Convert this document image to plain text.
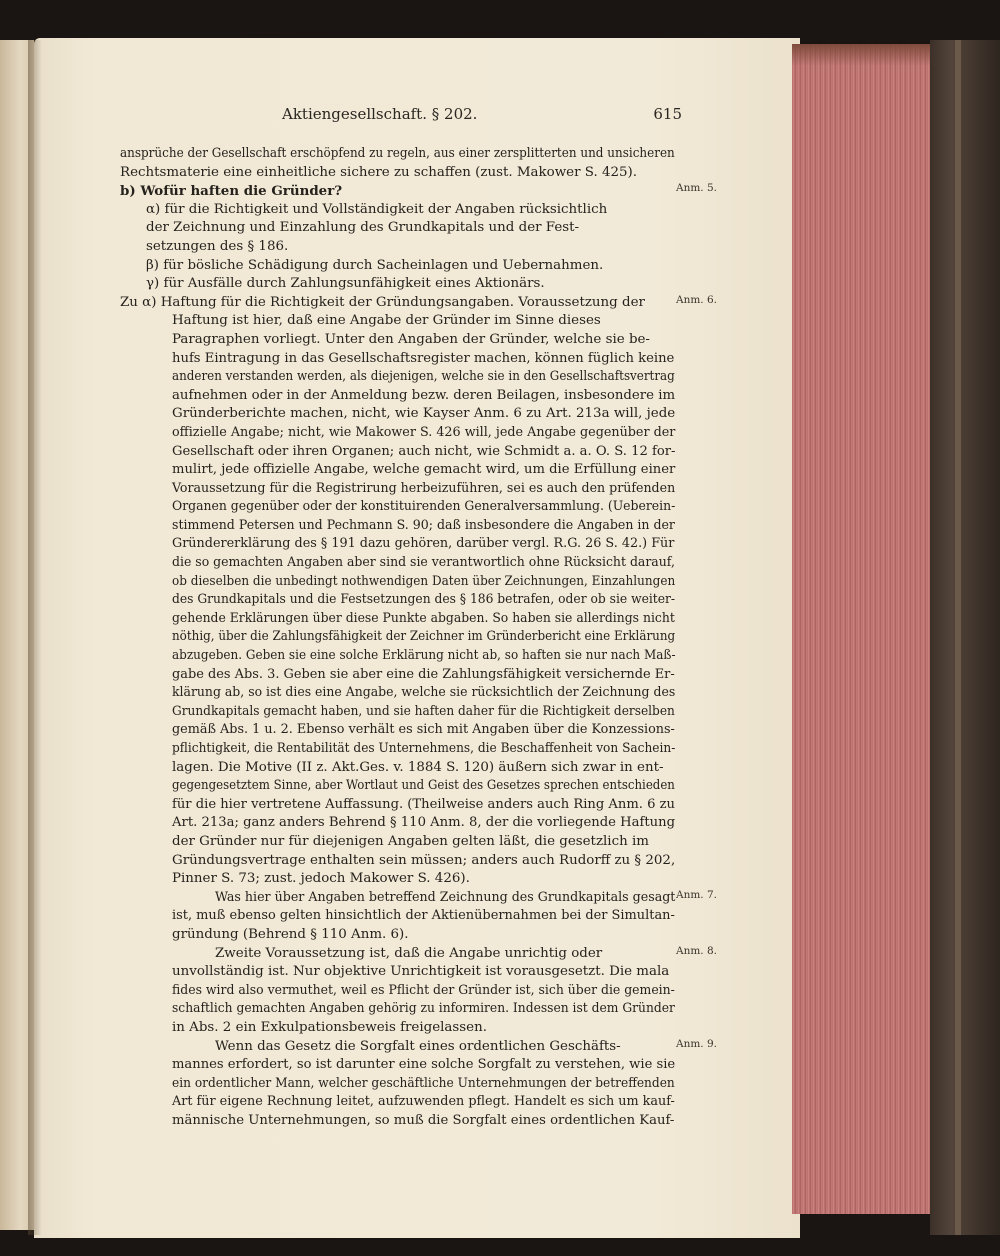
Aktiengesellschaft. § 202.	615
ansprüche der Gesellschaft erschöpfend zu regeln, aus einer zersplitterten und unsicheren
Rechtsmaterie eine einheitliche sichere zu schaffen (zust. Makower S. 425).
b) Wofür haften die Gründer?
α) für die Richtigkeit und Vollständigkeit der Angaben rücksichtlich
der Zeichnung und Einzahlung des Grundkapitals und der Fest-
setzungen des § 186.
β) für bösliche Schädigung durch Sacheinlagen und Uebernahmen.
γ) für Ausfälle durch Zahlungsunfähigkeit eines Aktionärs.
Zu α) Haftung für die Richtigkeit der Gründungsangaben. Voraussetzung der
Haftung ist hier, daß eine Angabe der Gründer im Sinne dieses
Paragraphen vorliegt. Unter den Angaben der Gründer, welche sie be-
hufs Eintragung in das Gesellschaftsregister machen, können füglich keine
anderen verstanden werden, als diejenigen, welche sie in den Gesellschaftsvertrag
aufnehmen oder in der Anmeldung bezw. deren Beilagen, insbesondere im
Gründerberichte machen, nicht, wie Kayser Anm. 6 zu Art. 213a will, jede
offizielle Angabe; nicht, wie Makower S. 426 will, jede Angabe gegenüber der
Gesellschaft oder ihren Organen; auch nicht, wie Schmidt a. a. O. S. 12 for-
mulirt, jede offizielle Angabe, welche gemacht wird, um die Erfüllung einer
Voraussetzung für die Registrirung herbeizuführen, sei es auch den prüfenden
Organen gegenüber oder der konstituirenden Generalversammlung. (Ueberein-
stimmend Petersen und Pechmann S. 90; daß insbesondere die Angaben in der
Gründererklärung des § 191 dazu gehören, darüber vergl. R.G. 26 S. 42.) Für
die so gemachten Angaben aber sind sie verantwortlich ohne Rücksicht darauf,
ob dieselben die unbedingt nothwendigen Daten über Zeichnungen, Einzahlungen
des Grundkapitals und die Festsetzungen des § 186 betrafen, oder ob sie weiter-
gehende Erklärungen über diese Punkte abgaben. So haben sie allerdings nicht
nöthig, über die Zahlungsfähigkeit der Zeichner im Gründerbericht eine Erklärung
abzugeben. Geben sie eine solche Erklärung nicht ab, so haften sie nur nach Maß-
gabe des Abs. 3. Geben sie aber eine die Zahlungsfähigkeit versichernde Er-
klärung ab, so ist dies eine Angabe, welche sie rücksichtlich der Zeichnung des
Grundkapitals gemacht haben, und sie haften daher für die Richtigkeit derselben
gemäß Abs. 1 u. 2. Ebenso verhält es sich mit Angaben über die Konzessions-
pflichtigkeit, die Rentabilität des Unternehmens, die Beschaffenheit von Sachein-
lagen. Die Motive (II z. Akt.Ges. v. 1884 S. 120) äußern sich zwar in ent-
gegengesetztem Sinne, aber Wortlaut und Geist des Gesetzes sprechen entschieden
für die hier vertretene Auffassung. (Theilweise anders auch Ring Anm. 6 zu
Art. 213a; ganz anders Behrend § 110 Anm. 8, der die vorliegende Haftung
der Gründer nur für diejenigen Angaben gelten läßt, die gesetzlich im
Gründungsvertrage enthalten sein müssen; anders auch Rudorff zu § 202,
Pinner S. 73; zust. jedoch Makower S. 426).
Was hier über Angaben betreffend Zeichnung des Grundkapitals gesagt
ist, muß ebenso gelten hinsichtlich der Aktienübernahmen bei der Simultan-
gründung (Behrend § 110 Anm. 6).
Zweite Voraussetzung ist, daß die Angabe unrichtig oder
unvollständig ist. Nur objektive Unrichtigkeit ist vorausgesetzt. Die mala
fides wird also vermuthet, weil es Pflicht der Gründer ist, sich über die gemein-
schaftlich gemachten Angaben gehörig zu informiren. Indessen ist dem Gründer
in Abs. 2 ein Exkulpationsbeweis freigelassen.
Wenn das Gesetz die Sorgfalt eines ordentlichen Geschäfts-
mannes erfordert, so ist darunter eine solche Sorgfalt zu verstehen, wie sie
ein ordentlicher Mann, welcher geschäftliche Unternehmungen der betreffenden
Art für eigene Rechnung leitet, aufzuwenden pflegt. Handelt es sich um kauf-
männische Unternehmungen, so muß die Sorgfalt eines ordentlichen Kauf-
Anm. 5.
Anm. 6.
Anm. 7.
Anm. 8.
Anm. 9.
